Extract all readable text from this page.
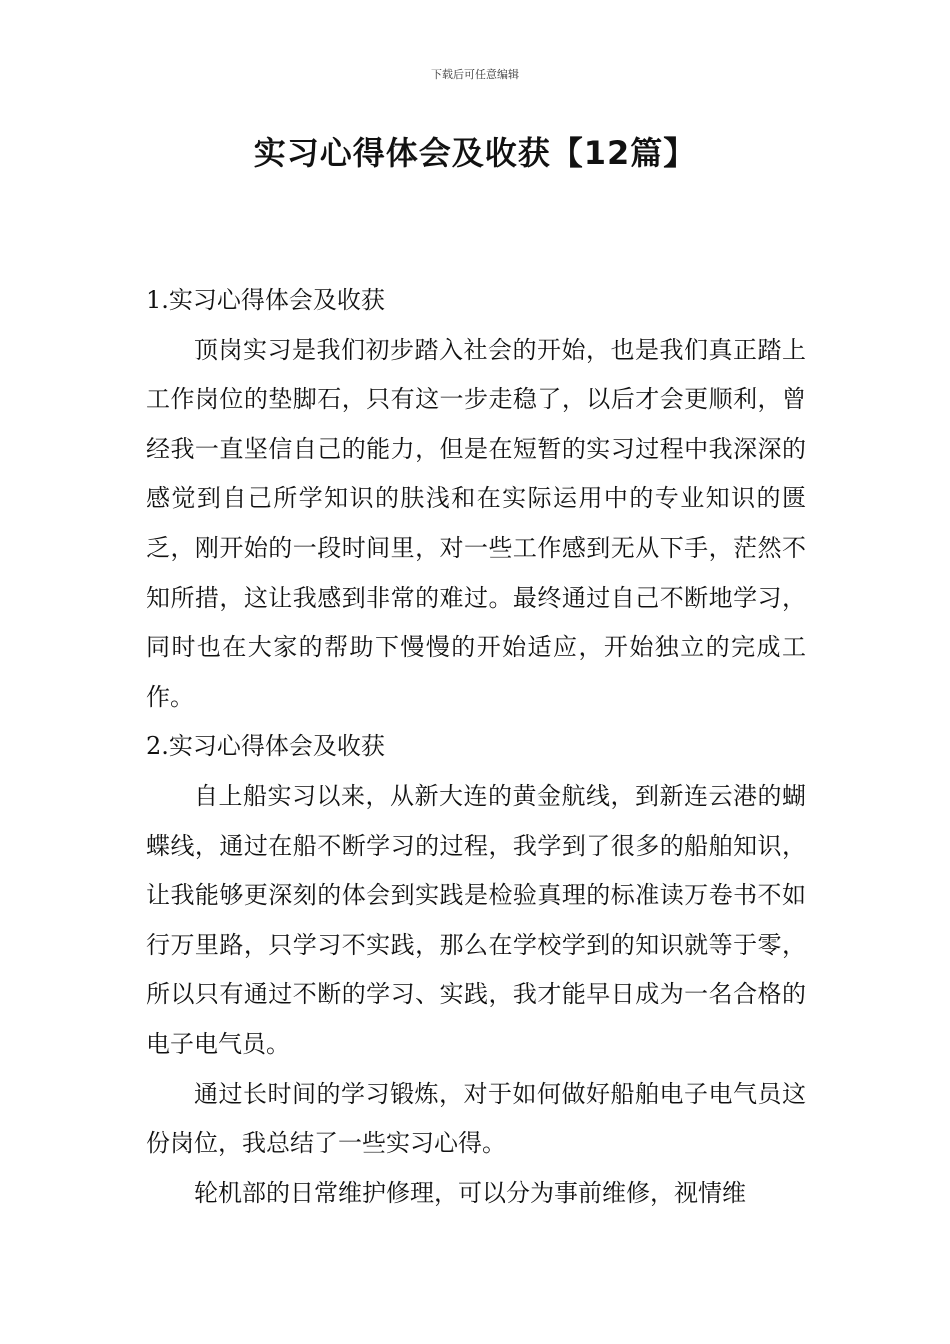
下载后可任意编辑
实习心得体会及收获【12篇】
1.实习心得体会及收获

顶岗实习是我们初步踏入社会的开始，也是我们真正踏上工作岗位的垫脚石，只有这一步走稳了，以后才会更顺利，曾经我一直坚信自己的能力，但是在短暂的实习过程中我深深的感觉到自己所学知识的肤浅和在实际运用中的专业知识的匮乏，刚开始的一段时间里，对一些工作感到无从下手，茫然不知所措，这让我感到非常的难过。最终通过自己不断地学习，同时也在大家的帮助下慢慢的开始适应，开始独立的完成工作。

2.实习心得体会及收获

自上船实习以来，从新大连的黄金航线，到新连云港的蝴蝶线，通过在船不断学习的过程，我学到了很多的船舶知识，让我能够更深刻的体会到实践是检验真理的标准读万卷书不如行万里路，只学习不实践，那么在学校学到的知识就等于零，所以只有通过不断的学习、实践，我才能早日成为一名合格的电子电气员。

通过长时间的学习锻炼，对于如何做好船舶电子电气员这份岗位，我总结了一些实习心得。

轮机部的日常维护修理，可以分为事前维修，视情维
